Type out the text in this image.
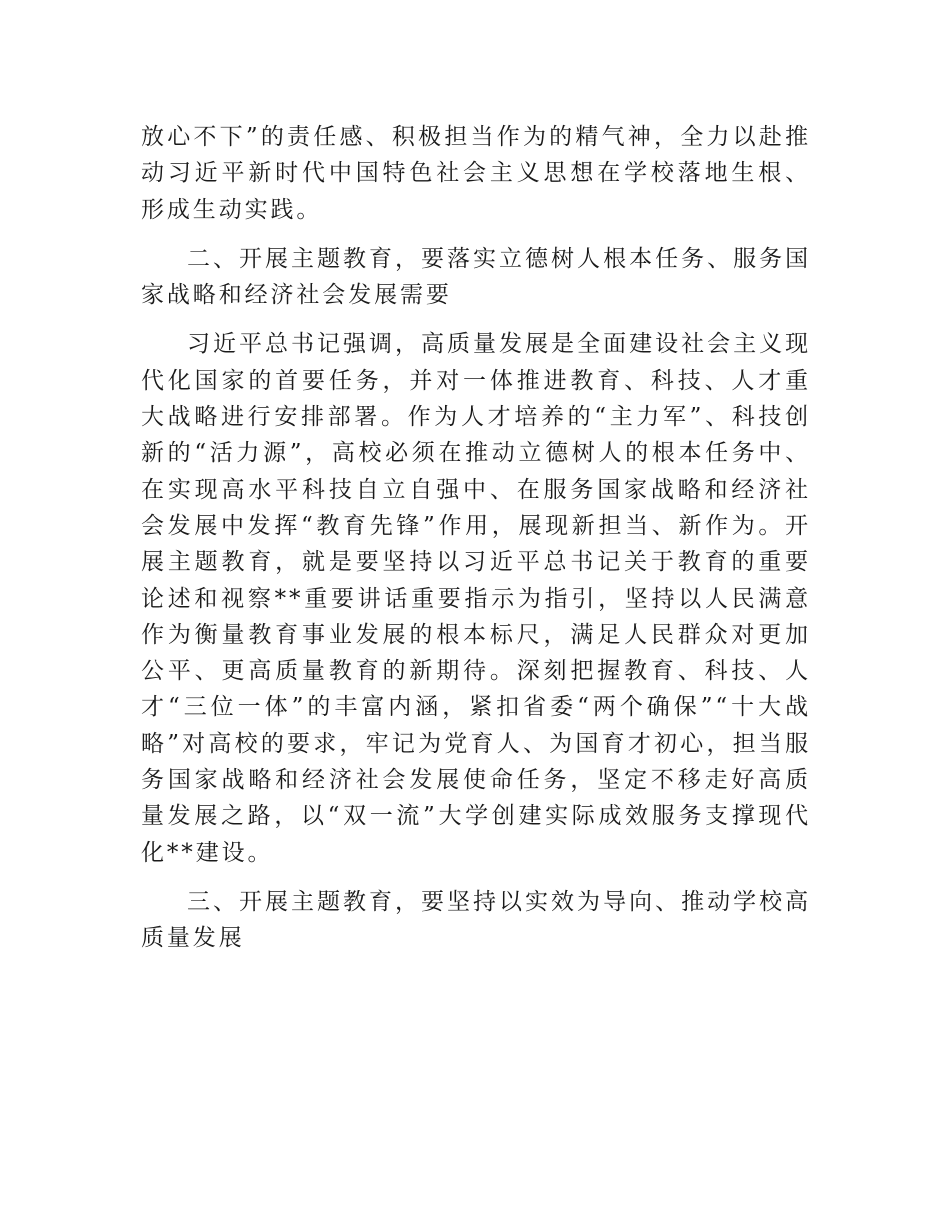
放心不下”的责任感、积极担当作为的精气神，全力以赴推动习近平新时代中国特色社会主义思想在学校落地生根、形成生动实践。

二、开展主题教育，要落实立德树人根本任务、服务国家战略和经济社会发展需要

习近平总书记强调，高质量发展是全面建设社会主义现代化国家的首要任务，并对一体推进教育、科技、人才重大战略进行安排部署。作为人才培养的“主力军”、科技创新的“活力源”，高校必须在推动立德树人的根本任务中、在实现高水平科技自立自强中、在服务国家战略和经济社会发展中发挥“教育先锋”作用，展现新担当、新作为。开展主题教育，就是要坚持以习近平总书记关于教育的重要论述和视察**重要讲话重要指示为指引，坚持以人民满意作为衡量教育事业发展的根本标尺，满足人民群众对更加公平、更高质量教育的新期待。深刻把握教育、科技、人才“三位一体”的丰富内涵，紧扣省委“两个确保”“十大战略”对高校的要求，牢记为党育人、为国育才初心，担当服务国家战略和经济社会发展使命任务，坚定不移走好高质量发展之路，以“双一流”大学创建实际成效服务支撑现代化**建设。

三、开展主题教育，要坚持以实效为导向、推动学校高质量发展
